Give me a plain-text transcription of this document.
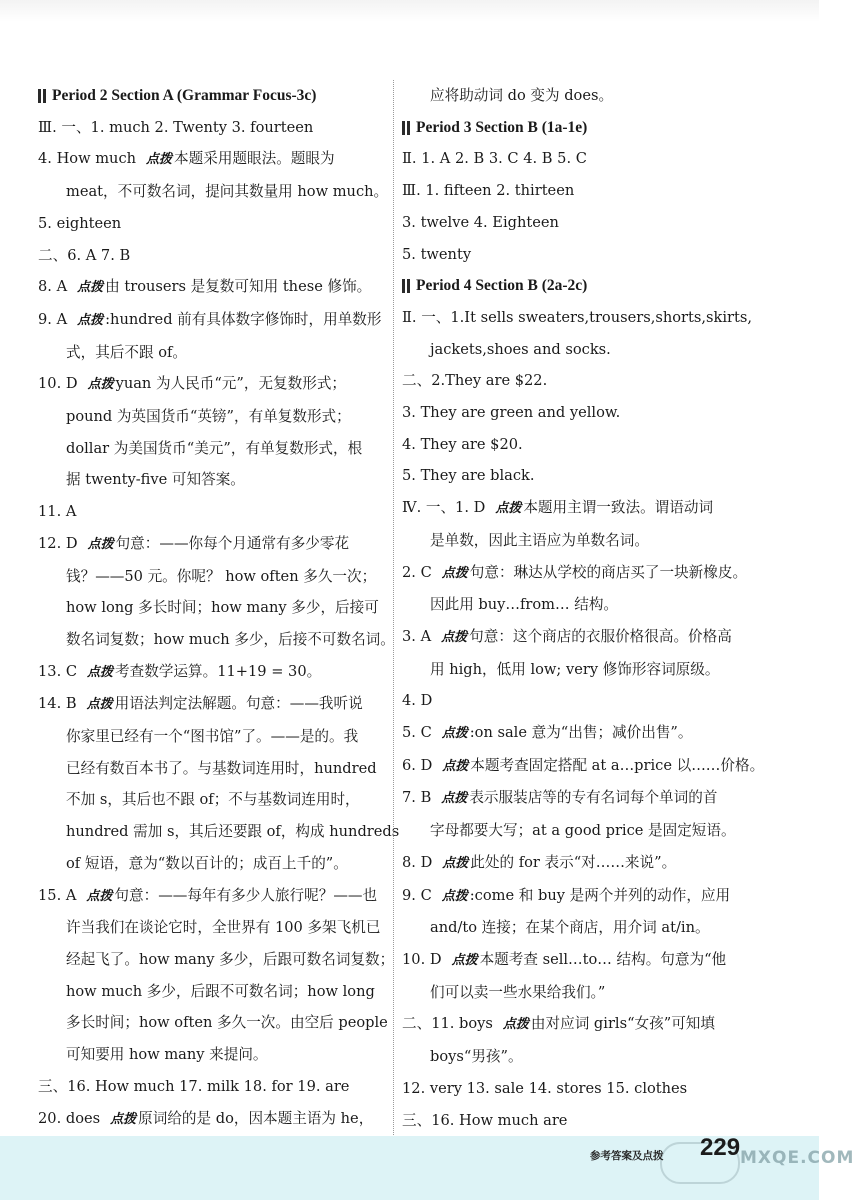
Period 2 Section A (Grammar Focus-3c)

Ⅲ. 一、1. much 2. Twenty 3. fourteen

4. How much 点拨 本题采用题眼法。题眼为

meat，不可数名词，提问其数量用 how much。

5. eighteen

二、6. A 7. B

8. A 点拨 由 trousers 是复数可知用 these 修饰。

9. A 点拨 :hundred 前有具体数字修饰时，用单数形

式，其后不跟 of。

10. D 点拨 yuan 为人民币“元”，无复数形式；

pound 为英国货币“英镑”，有单复数形式；

dollar 为美国货币“美元”，有单复数形式，根

据 twenty-five 可知答案。

11. A

12. D 点拨 句意：——你每个月通常有多少零花

钱？——50 元。你呢？ how often 多久一次；

how long 多长时间；how many 多少，后接可

数名词复数；how much 多少，后接不可数名词。

13. C 点拨 考查数学运算。11+19 = 30。

14. B 点拨 用语法判定法解题。句意：——我听说

你家里已经有一个“图书馆”了。——是的。我

已经有数百本书了。与基数词连用时，hundred

不加 s，其后也不跟 of；不与基数词连用时，

hundred 需加 s，其后还要跟 of，构成 hundreds

of 短语，意为“数以百计的；成百上千的”。

15. A 点拨 句意：——每年有多少人旅行呢？——也

许当我们在谈论它时，全世界有 100 多架飞机已

经起飞了。how many 多少，后跟可数名词复数；

how much 多少，后跟不可数名词；how long

多长时间；how often 多久一次。由空后 people

可知要用 how many 来提问。

三、16. How much 17. milk 18. for 19. are

20. does 点拨 原词给的是 do，因本题主语为 he，

应将助动词 do 变为 does。

Period 3 Section B (1a-1e)

Ⅱ. 1. A 2. B 3. C 4. B 5. C

Ⅲ. 1. fifteen 2. thirteen

3. twelve 4. Eighteen

5. twenty

Period 4 Section B (2a-2c)

Ⅱ. 一、1.It sells sweaters,trousers,shorts,skirts,

jackets,shoes and socks.

二、2.They are $22.

3. They are green and yellow.

4. They are $20.

5. They are black.

Ⅳ. 一、1. D 点拨 本题用主谓一致法。谓语动词

是单数，因此主语应为单数名词。

2. C 点拨 句意：琳达从学校的商店买了一块新橡皮。

因此用 buy…from… 结构。

3. A 点拨 句意：这个商店的衣服价格很高。价格高

用 high，低用 low; very 修饰形容词原级。

4. D

5. C 点拨 :on sale 意为“出售；减价出售”。

6. D 点拨 本题考查固定搭配 at a…price 以……价格。

7. B 点拨 表示服装店等的专有名词每个单词的首

字母都要大写；at a good price 是固定短语。

8. D 点拨 此处的 for 表示“对……来说”。

9. C 点拨 :come 和 buy 是两个并列的动作，应用

and/to 连接；在某个商店，用介词 at/in。

10. D 点拨 本题考查 sell…to… 结构。句意为“他

们可以卖一些水果给我们。”

二、11. boys 点拨 由对应词 girls“女孩”可知填

boys“男孩”。

12. very 13. sale 14. stores 15. clothes

三、16. How much are

参考答案及点拨 229 MXQE.COM
